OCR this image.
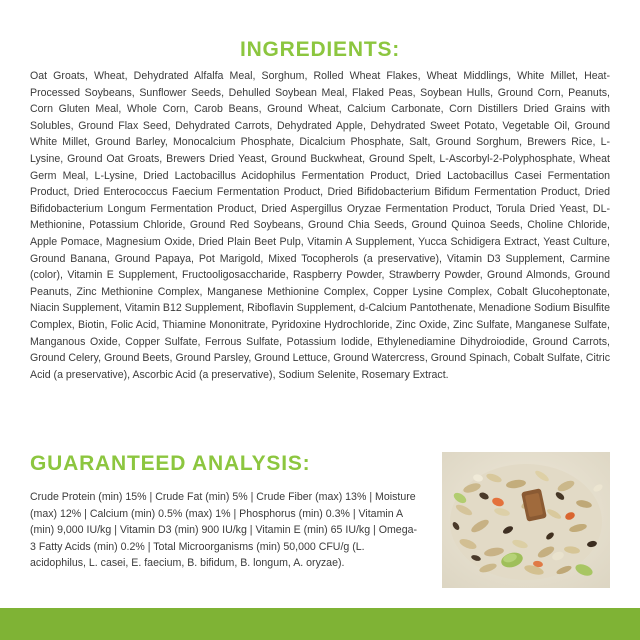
INGREDIENTS:
Oat Groats, Wheat, Dehydrated Alfalfa Meal, Sorghum, Rolled Wheat Flakes, Wheat Middlings, White Millet, Heat-Processed Soybeans, Sunflower Seeds, Dehulled Soybean Meal, Flaked Peas, Soybean Hulls, Ground Corn, Peanuts, Corn Gluten Meal, Whole Corn, Carob Beans, Ground Wheat, Calcium Carbonate, Corn Distillers Dried Grains with Solubles, Ground Flax Seed, Dehydrated Carrots, Dehydrated Apple, Dehydrated Sweet Potato, Vegetable Oil, Ground White Millet, Ground Barley, Monocalcium Phosphate, Dicalcium Phosphate, Salt, Ground Sorghum, Brewers Rice, L-Lysine, Ground Oat Groats, Brewers Dried Yeast, Ground Buckwheat, Ground Spelt, L-Ascorbyl-2-Polyphosphate, Wheat Germ Meal, L-Lysine, Dried Lactobacillus Acidophilus Fermentation Product, Dried Lactobacillus Casei Fermentation Product, Dried Enterococcus Faecium Fermentation Product, Dried Bifidobacterium Bifidum Fermentation Product, Dried Bifidobacterium Longum Fermentation Product, Dried Aspergillus Oryzae Fermentation Product, Torula Dried Yeast, DL-Methionine, Potassium Chloride, Ground Red Soybeans, Ground Chia Seeds, Ground Quinoa Seeds, Choline Chloride, Apple Pomace, Magnesium Oxide, Dried Plain Beet Pulp, Vitamin A Supplement, Yucca Schidigera Extract, Yeast Culture, Ground Banana, Ground Papaya, Pot Marigold, Mixed Tocopherols (a preservative), Vitamin D3 Supplement, Carmine (color), Vitamin E Supplement, Fructooligosaccharide, Raspberry Powder, Strawberry Powder, Ground Almonds, Ground Peanuts, Zinc Methionine Complex, Manganese Methionine Complex, Copper Lysine Complex, Cobalt Glucoheptonate, Niacin Supplement, Vitamin B12 Supplement, Riboflavin Supplement, d-Calcium Pantothenate, Menadione Sodium Bisulfite Complex, Biotin, Folic Acid, Thiamine Mononitrate, Pyridoxine Hydrochloride, Zinc Oxide, Zinc Sulfate, Manganese Sulfate, Manganous Oxide, Copper Sulfate, Ferrous Sulfate, Potassium Iodide, Ethylenediamine Dihydroiodide, Ground Carrots, Ground Celery, Ground Beets, Ground Parsley, Ground Lettuce, Ground Watercress, Ground Spinach, Cobalt Sulfate, Citric Acid (a preservative), Ascorbic Acid (a preservative), Sodium Selenite, Rosemary Extract.
GUARANTEED ANALYSIS:
Crude Protein (min) 15% | Crude Fat (min) 5% | Crude Fiber (max) 13% | Moisture (max) 12% | Calcium (min) 0.5% (max) 1% | Phosphorus (min) 0.3% | Vitamin A (min) 9,000 IU/kg | Vitamin D3 (min) 900 IU/kg | Vitamin E (min) 65 IU/kg | Omega-3 Fatty Acids (min) 0.2% | Total Microorganisms (min) 50,000 CFU/g (L. acidophilus, L. casei, E. faecium, B. bifidum, B. longum, A. oryzae).
